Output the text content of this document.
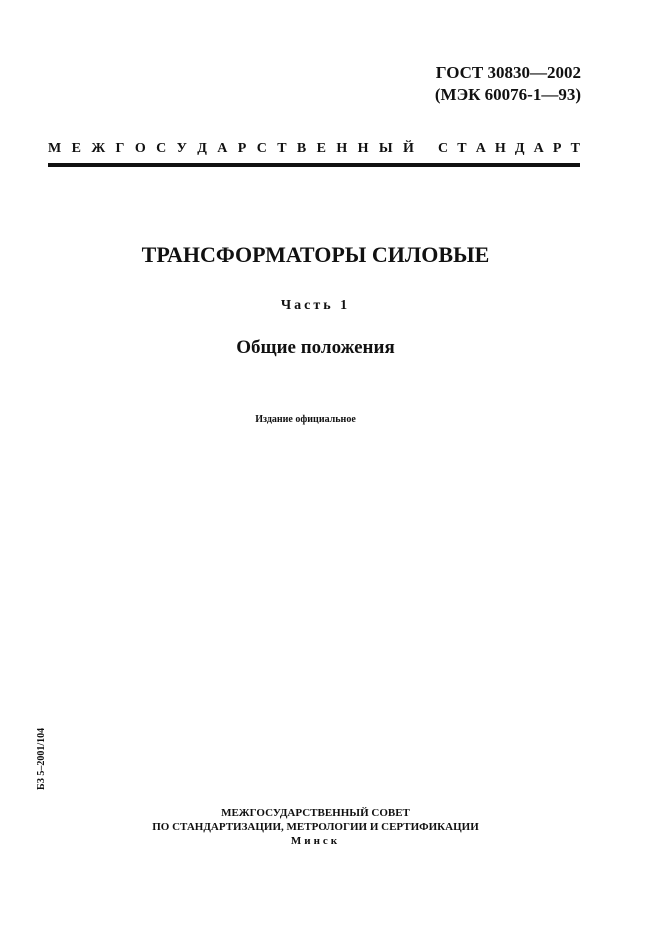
ГОСТ 30830—2002
(МЭК 60076-1—93)
М Е Ж Г О С У Д А Р С Т В Е Н Н Ы Й С Т А Н Д А Р Т
ТРАНСФОРМАТОРЫ СИЛОВЫЕ
Часть 1
Общие положения
Издание официальное
БЗ 5–2001/104
МЕЖГОСУДАРСТВЕННЫЙ СОВЕТ
ПО СТАНДАРТИЗАЦИИ, МЕТРОЛОГИИ И СЕРТИФИКАЦИИ
Минск
